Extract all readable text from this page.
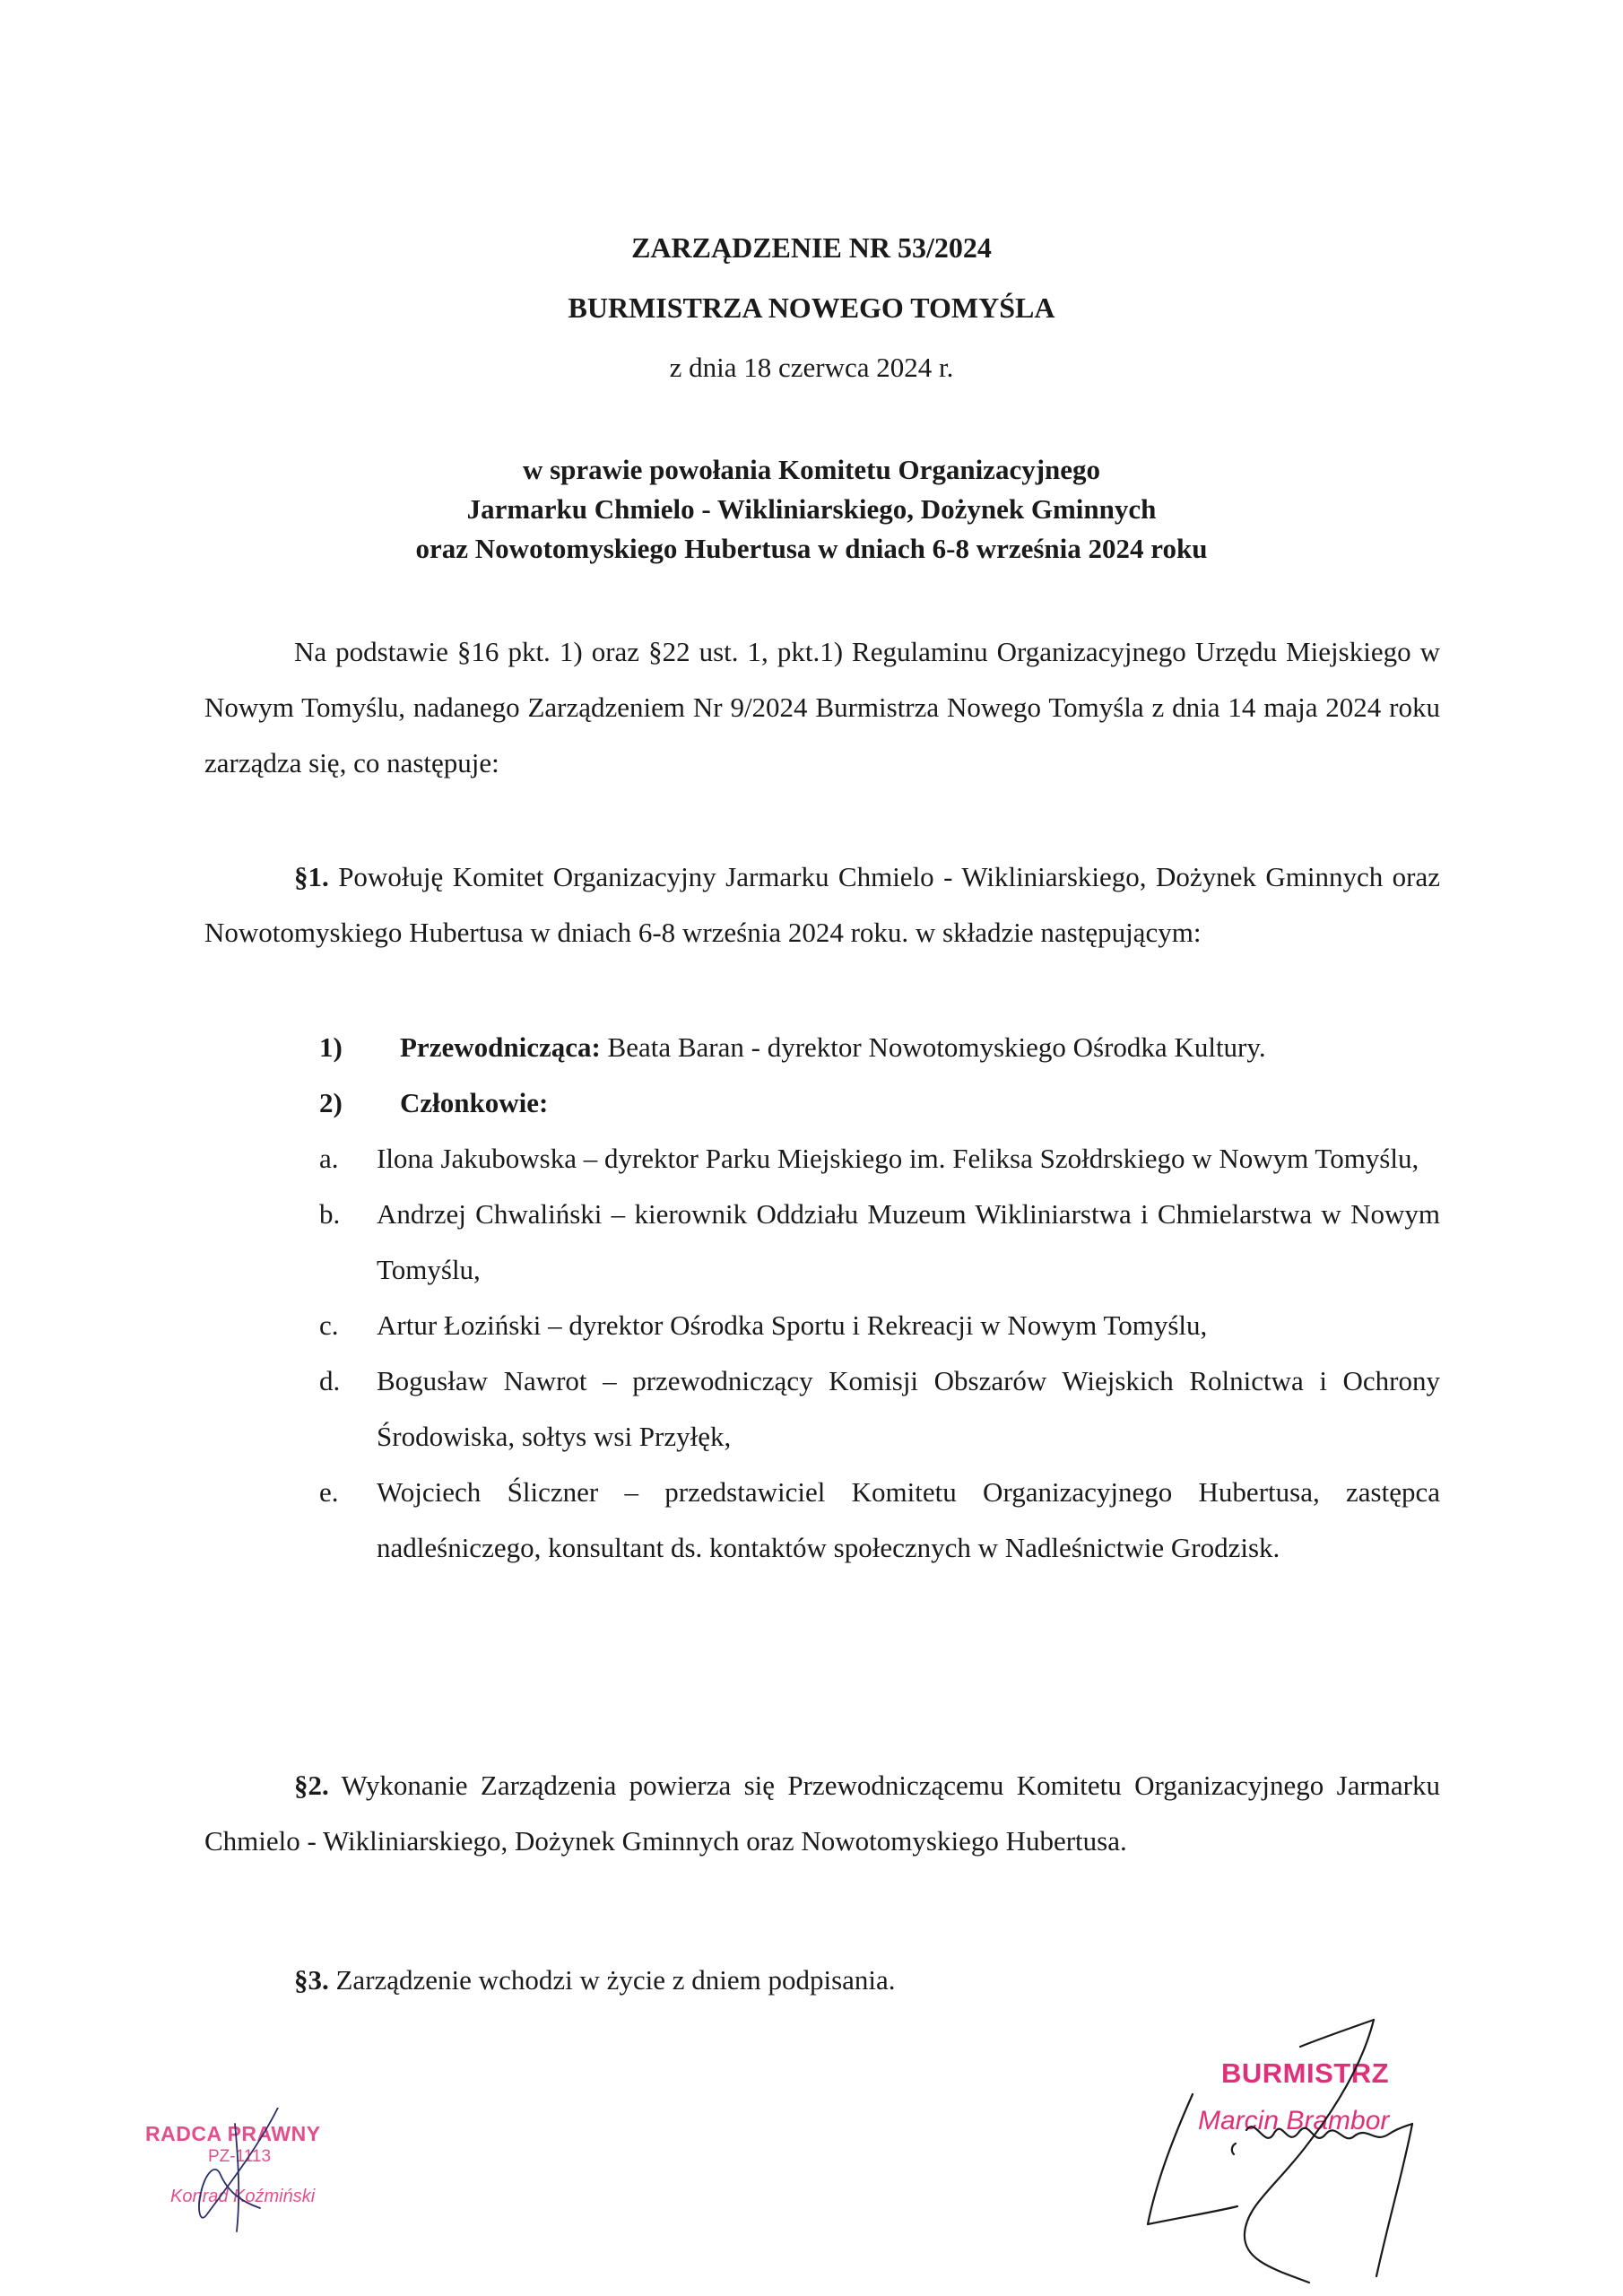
ZARZĄDZENIE NR 53/2024
BURMISTRZA NOWEGO TOMYŚLA
z dnia 18 czerwca 2024 r.
w sprawie powołania Komitetu Organizacyjnego
Jarmarku Chmielo - Wikliniarskiego, Dożynek Gminnych
oraz Nowotomyskiego Hubertusa w dniach 6-8 września 2024 roku
Na podstawie §16 pkt. 1) oraz §22 ust. 1, pkt.1) Regulaminu Organizacyjnego Urzędu Miejskiego w Nowym Tomyślu, nadanego Zarządzeniem Nr 9/2024 Burmistrza Nowego Tomyśla z dnia 14 maja 2024 roku zarządza się, co następuje:
§1. Powołuję Komitet Organizacyjny Jarmarku Chmielo - Wikliniarskiego, Dożynek Gminnych oraz Nowotomyskiego Hubertusa w dniach 6-8 września 2024 roku. w składzie następującym:
1) Przewodnicząca: Beata Baran - dyrektor Nowotomyskiego Ośrodka Kultury.
2) Członkowie:
a. Ilona Jakubowska – dyrektor Parku Miejskiego im. Feliksa Szołdrskiego w Nowym Tomyślu,
b. Andrzej Chwaliński – kierownik Oddziału Muzeum Wikliniarstwa i Chmielarstwa w Nowym Tomyślu,
c. Artur Łoziński – dyrektor Ośrodka Sportu i Rekreacji w Nowym Tomyślu,
d. Bogusław Nawrot – przewodniczący Komisji Obszarów Wiejskich Rolnictwa i Ochrony Środowiska, sołtys wsi Przyłęk,
e. Wojciech Śliczner – przedstawiciel Komitetu Organizacyjnego Hubertusa, zastępca nadleśniczego, konsultant ds. kontaktów społecznych w Nadleśnictwie Grodzisk.
§2. Wykonanie Zarządzenia powierza się Przewodniczącemu Komitetu Organizacyjnego Jarmarku Chmielo - Wikliniarskiego, Dożynek Gminnych oraz Nowotomyskiego Hubertusa.
§3. Zarządzenie wchodzi w życie z dniem podpisania.
BURMISTRZ
Marcin Brambor
RADCA PRAWNY
PZ-1113
Konrad Koźmiński
